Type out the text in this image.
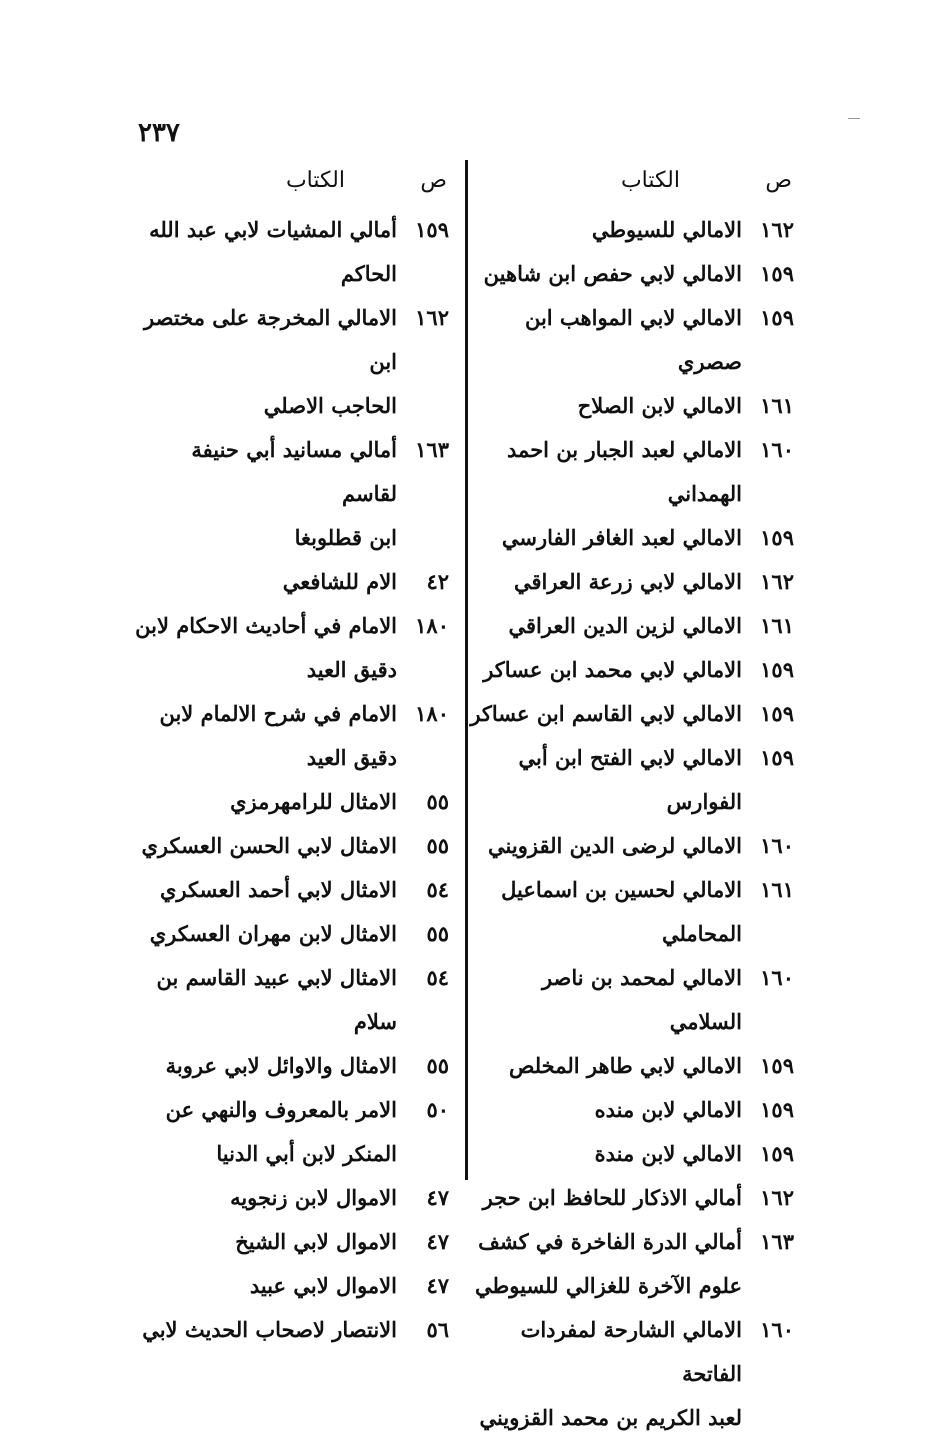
٢٣٧
ص
الكتاب
١٦٢
الامالي للسيوطي
١٥٩
الامالي لابي حفص ابن شاهين
١٥٩
الامالي لابي المواهب ابن صصري
١٦١
الامالي لابن الصلاح
١٦٠
الامالي لعبد الجبار بن احمد الهمداني
١٥٩
الامالي لعبد الغافر الفارسي
١٦٢
الامالي لابي زرعة العراقي
١٦١
الامالي لزين الدين العراقي
١٥٩
الامالي لابي محمد ابن عساكر
١٥٩
الامالي لابي القاسم ابن عساكر
١٥٩
الامالي لابي الفتح ابن أبي الفوارس
١٦٠
الامالي لرضى الدين القزويني
١٦١
الامالي لحسين بن اسماعيل المحاملي
١٦٠
الامالي لمحمد بن ناصر السلامي
١٥٩
الامالي لابي طاهر المخلص
١٥٩
الامالي لابن منده
١٥٩
الامالي لابن مندة
١٦٢
أمالي الاذكار للحافظ ابن حجر
١٦٣
أمالي الدرة الفاخرة في كشف
علوم الآخرة للغزالي للسيوطي
١٦٠
الامالي الشارحة لمفردات الفاتحة
لعبد الكريم بن محمد القزويني
ص
الكتاب
١٥٩
أمالي المشيات لابي عبد الله الحاكم
١٦٢
الامالي المخرجة على مختصر ابن
الحاجب الاصلي
١٦٣
أمالي مسانيد أبي حنيفة لقاسم
ابن قطلوبغا
٤٢
الام للشافعي
١٨٠
الامام في أحاديث الاحكام لابن
دقيق العيد
١٨٠
الامام في شرح الالمام لابن
دقيق العيد
٥٥
الامثال للرامهرمزي
٥٥
الامثال لابي الحسن العسكري
٥٤
الامثال لابي أحمد العسكري
٥٥
الامثال لابن مهران العسكري
٥٤
الامثال لابي عبيد القاسم بن سلام
٥٥
الامثال والاوائل لابي عروبة
٥٠
الامر بالمعروف والنهي عن
المنكر لابن أبي الدنيا
٤٧
الاموال لابن زنجويه
٤٧
الاموال لابي الشيخ
٤٧
الاموال لابي عبيد
٥٦
الانتصار لاصحاب الحديث لابي
